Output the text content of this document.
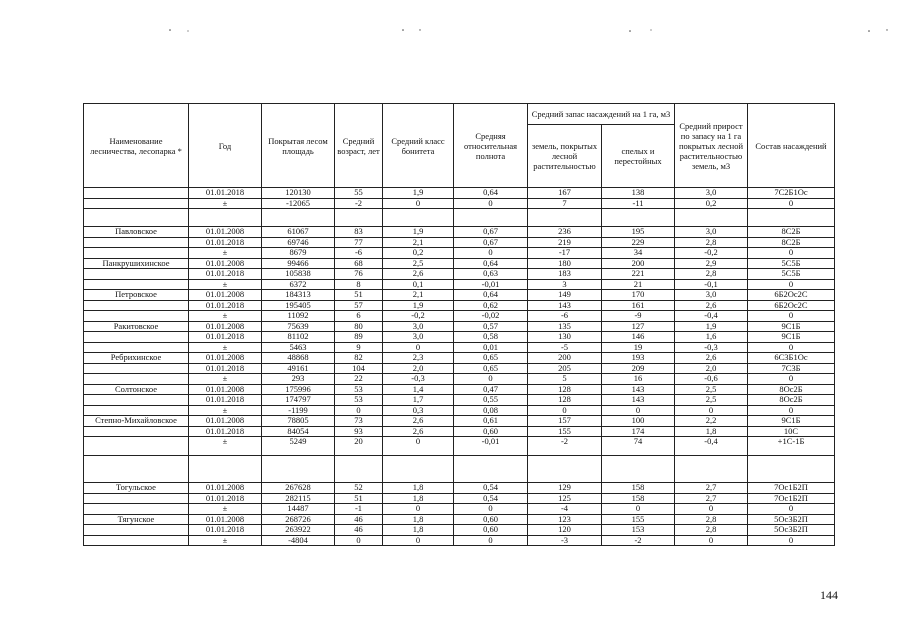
Наименование лесничества, лесопарка *	Год	Покрытая лесом площадь	Средний возраст, лет	Средний класс бонитета	Средняя относительная полнота	Средний запас насаждений на 1 га, м3		Средний прирост по запасу на 1 га покрытых лесной растительностью земель, м3	Состав насаждений
						земель, покрытых лесной растительностью	спелых и перестойных		
	01.01.2018	120130	55	1,9	0,64	167	138	3,0	7С2Б1Ос
	±	-12065	-2	0	0	7	-11	0,2	0

Павловское	01.01.2008	61067	83	1,9	0,67	236	195	3,0	8С2Б
	01.01.2018	69746	77	2,1	0,67	219	229	2,8	8С2Б
	±	8679	-6	0,2	0	-17	34	-0,2	0
Панкрушихинское	01.01.2008	99466	68	2,5	0,64	180	200	2,9	5С5Б
	01.01.2018	105838	76	2,6	0,63	183	221	2,8	5С5Б
	±	6372	8	0,1	-0,01	3	21	-0,1	0
Петровское	01.01.2008	184313	51	2,1	0,64	149	170	3,0	6Б2Ос2С
	01.01.2018	195405	57	1,9	0,62	143	161	2,6	6Б2Ос2С
	±	11092	6	-0,2	-0,02	-6	-9	-0,4	0
Ракитовское	01.01.2008	75639	80	3,0	0,57	135	127	1,9	9С1Б
	01.01.2018	81102	89	3,0	0,58	130	146	1,6	9С1Б
	±	5463	9	0	0,01	-5	19	-0,3	0
Ребрихинское	01.01.2008	48868	82	2,3	0,65	200	193	2,6	6С3Б1Ос
	01.01.2018	49161	104	2,0	0,65	205	209	2,0	7С3Б
	±	293	22	-0,3	0	5	16	-0,6	0
Солтонское	01.01.2008	175996	53	1,4	0,47	128	143	2,5	8Ос2Б
	01.01.2018	174797	53	1,7	0,55	128	143	2,5	8Ос2Б
	±	-1199	0	0,3	0,08	0	0	0	0
Степно-Михайловское	01.01.2008	78805	73	2,6	0,61	157	100	2,2	9С1Б
	01.01.2018	84054	93	2,6	0,60	155	174	1,8	10С
	±	5249	20	0	-0,01	-2	74	-0,4	+1С-1Б

Тогульское	01.01.2008	267628	52	1,8	0,54	129	158	2,7	7Ос1Б2П
	01.01.2018	282115	51	1,8	0,54	125	158	2,7	7Ос1Б2П
	±	14487	-1	0	0	-4	0	0	0
Тягунское	01.01.2008	268726	46	1,8	0,60	123	155	2,8	5Ос3Б2П
	01.01.2018	263922	46	1,8	0,60	120	153	2,8	5Ос3Б2П
	±	-4804	0	0	0	-3	-2	0	0
144
